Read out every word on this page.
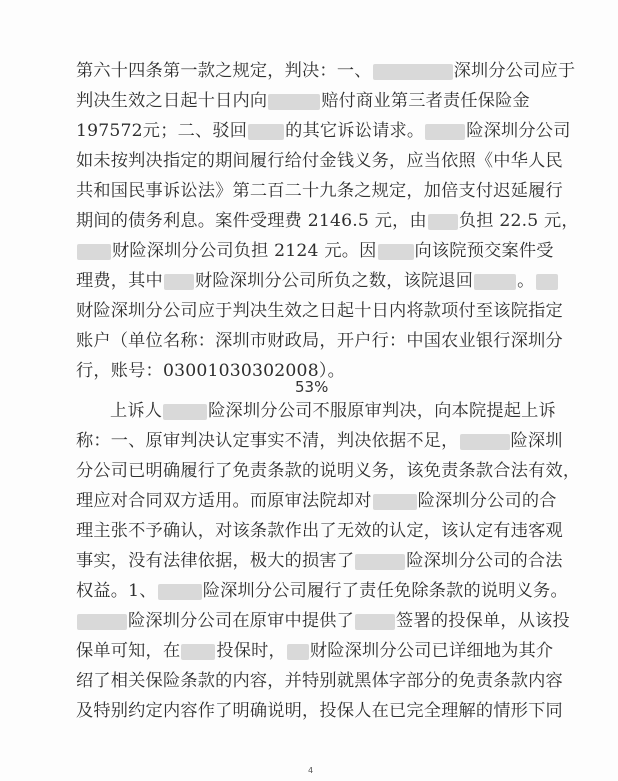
第六十四条第一款之规定，判决：一、	深圳分公司应于
判决生效之日起十日内向	赔付商业第三者责任保险金
197572元；二、驳回 的其它诉讼请求。 险深圳分公司
如未按判决指定的期间履行给付金钱义务，应当依照《中华人民
共和国民事诉讼法》第二百二十九条之规定，加倍支付迟延履行
期间的债务利息。案件受理费 2146.5 元，由 负担 22.5 元，
财险深圳分公司负担 2124 元。因 向该院预交案件受
理费，其中 财险深圳分公司所负之数，该院退回	。
财险深圳分公司应于判决生效之日起十日内将款项付至该院指定
账户（单位名称：深圳市财政局，开户行：中国农业银行深圳分
行，账号：03001030302008）。
53%
上诉人	险深圳分公司不服原审判决，向本院提起上诉
称：一、原审判决认定事实不清，判决依据不足，	险深圳
分公司已明确履行了免责条款的说明义务，该免责条款合法有效，
理应对合同双方适用。而原审法院却对	险深圳分公司的合
理主张不予确认，对该条款作出了无效的认定，该认定有违客观
事实，没有法律依据，极大的损害了	险深圳分公司的合法
权益。1、	险深圳分公司履行了责任免除条款的说明义务。
险深圳分公司在原审中提供了 签署的投保单，从该投
保单可知，在 投保时， 财险深圳分公司已详细地为其介
绍了相关保险条款的内容，并特别就黑体字部分的免责条款内容
及特别约定内容作了明确说明，投保人在已完全理解的情形下同
4
